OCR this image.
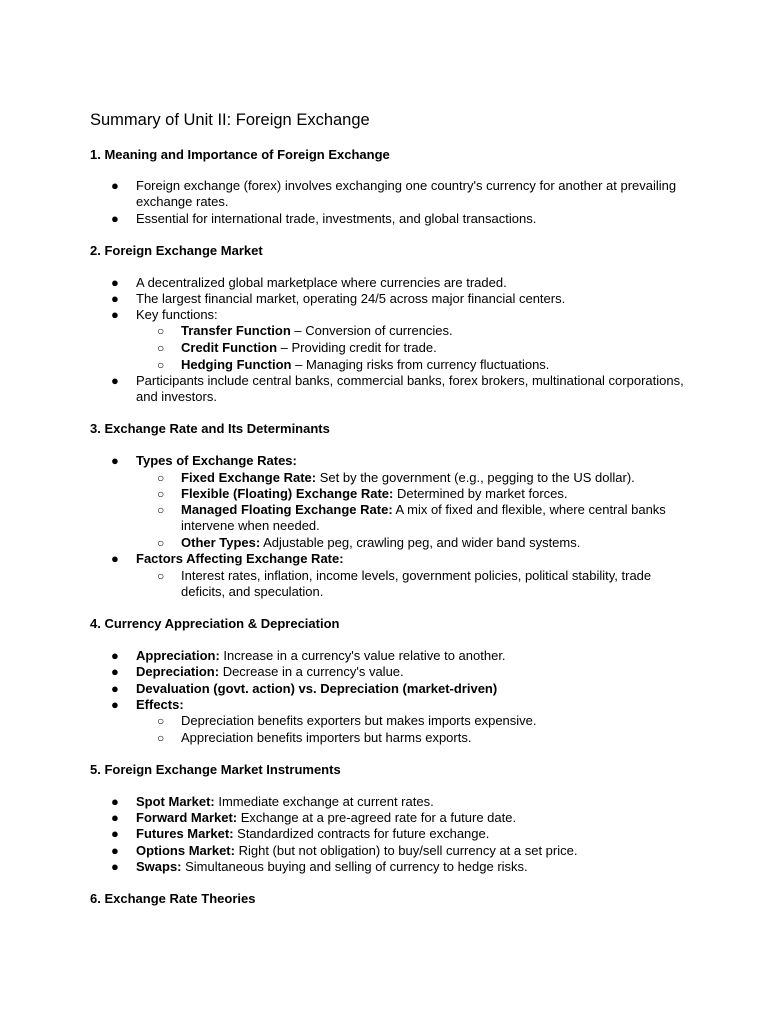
Summary of Unit II: Foreign Exchange
1. Meaning and Importance of Foreign Exchange
● Foreign exchange (forex) involves exchanging one country's currency for another at prevailing exchange rates.
● Essential for international trade, investments, and global transactions.
2. Foreign Exchange Market
● A decentralized global marketplace where currencies are traded.
● The largest financial market, operating 24/5 across major financial centers.
● Key functions:
○ Transfer Function – Conversion of currencies.
○ Credit Function – Providing credit for trade.
○ Hedging Function – Managing risks from currency fluctuations.
● Participants include central banks, commercial banks, forex brokers, multinational corporations, and investors.
3. Exchange Rate and Its Determinants
● Types of Exchange Rates:
○ Fixed Exchange Rate: Set by the government (e.g., pegging to the US dollar).
○ Flexible (Floating) Exchange Rate: Determined by market forces.
○ Managed Floating Exchange Rate: A mix of fixed and flexible, where central banks intervene when needed.
○ Other Types: Adjustable peg, crawling peg, and wider band systems.
● Factors Affecting Exchange Rate:
○ Interest rates, inflation, income levels, government policies, political stability, trade deficits, and speculation.
4. Currency Appreciation & Depreciation
● Appreciation: Increase in a currency's value relative to another.
● Depreciation: Decrease in a currency's value.
● Devaluation (govt. action) vs. Depreciation (market-driven)
● Effects:
○ Depreciation benefits exporters but makes imports expensive.
○ Appreciation benefits importers but harms exports.
5. Foreign Exchange Market Instruments
● Spot Market: Immediate exchange at current rates.
● Forward Market: Exchange at a pre-agreed rate for a future date.
● Futures Market: Standardized contracts for future exchange.
● Options Market: Right (but not obligation) to buy/sell currency at a set price.
● Swaps: Simultaneous buying and selling of currency to hedge risks.
6. Exchange Rate Theories
